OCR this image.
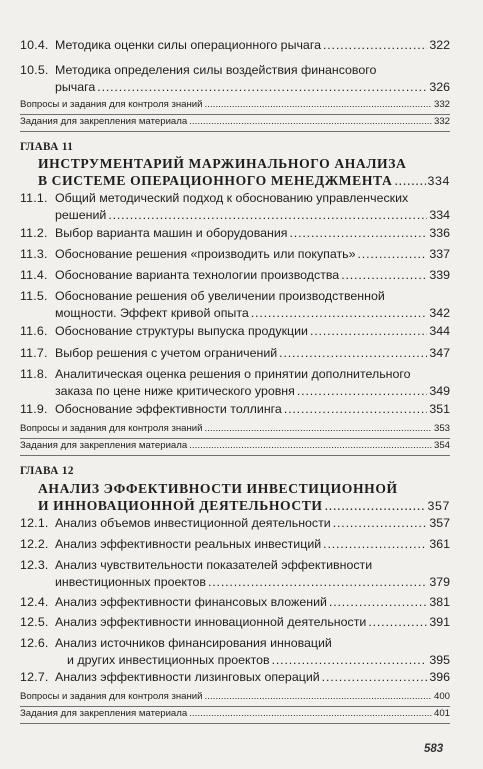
10.4. Методика оценки силы операционного рычага . . .	322
10.5. Методика определения силы воздействия финансового
рычага . . .	326
Вопросы и задания для контроля знаний . . .	332
Задания для закрепления материала . . .	332
ГЛАВА 11
ИНСТРУМЕНТАРИЙ МАРЖИНАЛЬНОГО АНАЛИЗА
В СИСТЕМЕ ОПЕРАЦИОННОГО МЕНЕДЖМЕНТА . . .	334
11.1. Общий методический подход к обоснованию управленческих
решений . . .	334
11.2. Выбор варианта машин и оборудования . . .	336
11.3. Обоснование решения «производить или покупать» . . .	337
11.4. Обоснование варианта технологии производства . . .	339
11.5. Обоснование решения об увеличении производственной
мощности. Эффект кривой опыта . . .	342
11.6. Обоснование структуры выпуска продукции . . .	344
11.7. Выбор решения с учетом ограничений . . .	347
11.8. Аналитическая оценка решения о принятии дополнительного
заказа по цене ниже критического уровня . . .	349
11.9. Обоснование эффективности толлинга . . .	351
Вопросы и задания для контроля знаний . . .	353
Задания для закрепления материала . . .	354
ГЛАВА 12
АНАЛИЗ ЭФФЕКТИВНОСТИ ИНВЕСТИЦИОННОЙ
И ИННОВАЦИОННОЙ ДЕЯТЕЛЬНОСТИ . . .	357
12.1. Анализ объемов инвестиционной деятельности . . .	357
12.2. Анализ эффективности реальных инвестиций . . .	361
12.3. Анализ чувствительности показателей эффективности
инвестиционных проектов . . .	379
12.4. Анализ эффективности финансовых вложений . . .	381
12.5. Анализ эффективности инновационной деятельности . . .	391
12.6. Анализ источников финансирования инноваций
и других инвестиционных проектов . . .	395
12.7. Анализ эффективности лизинговых операций . . .	396
Вопросы и задания для контроля знаний . . .	400
Задания для закрепления материала . . .	401
583
